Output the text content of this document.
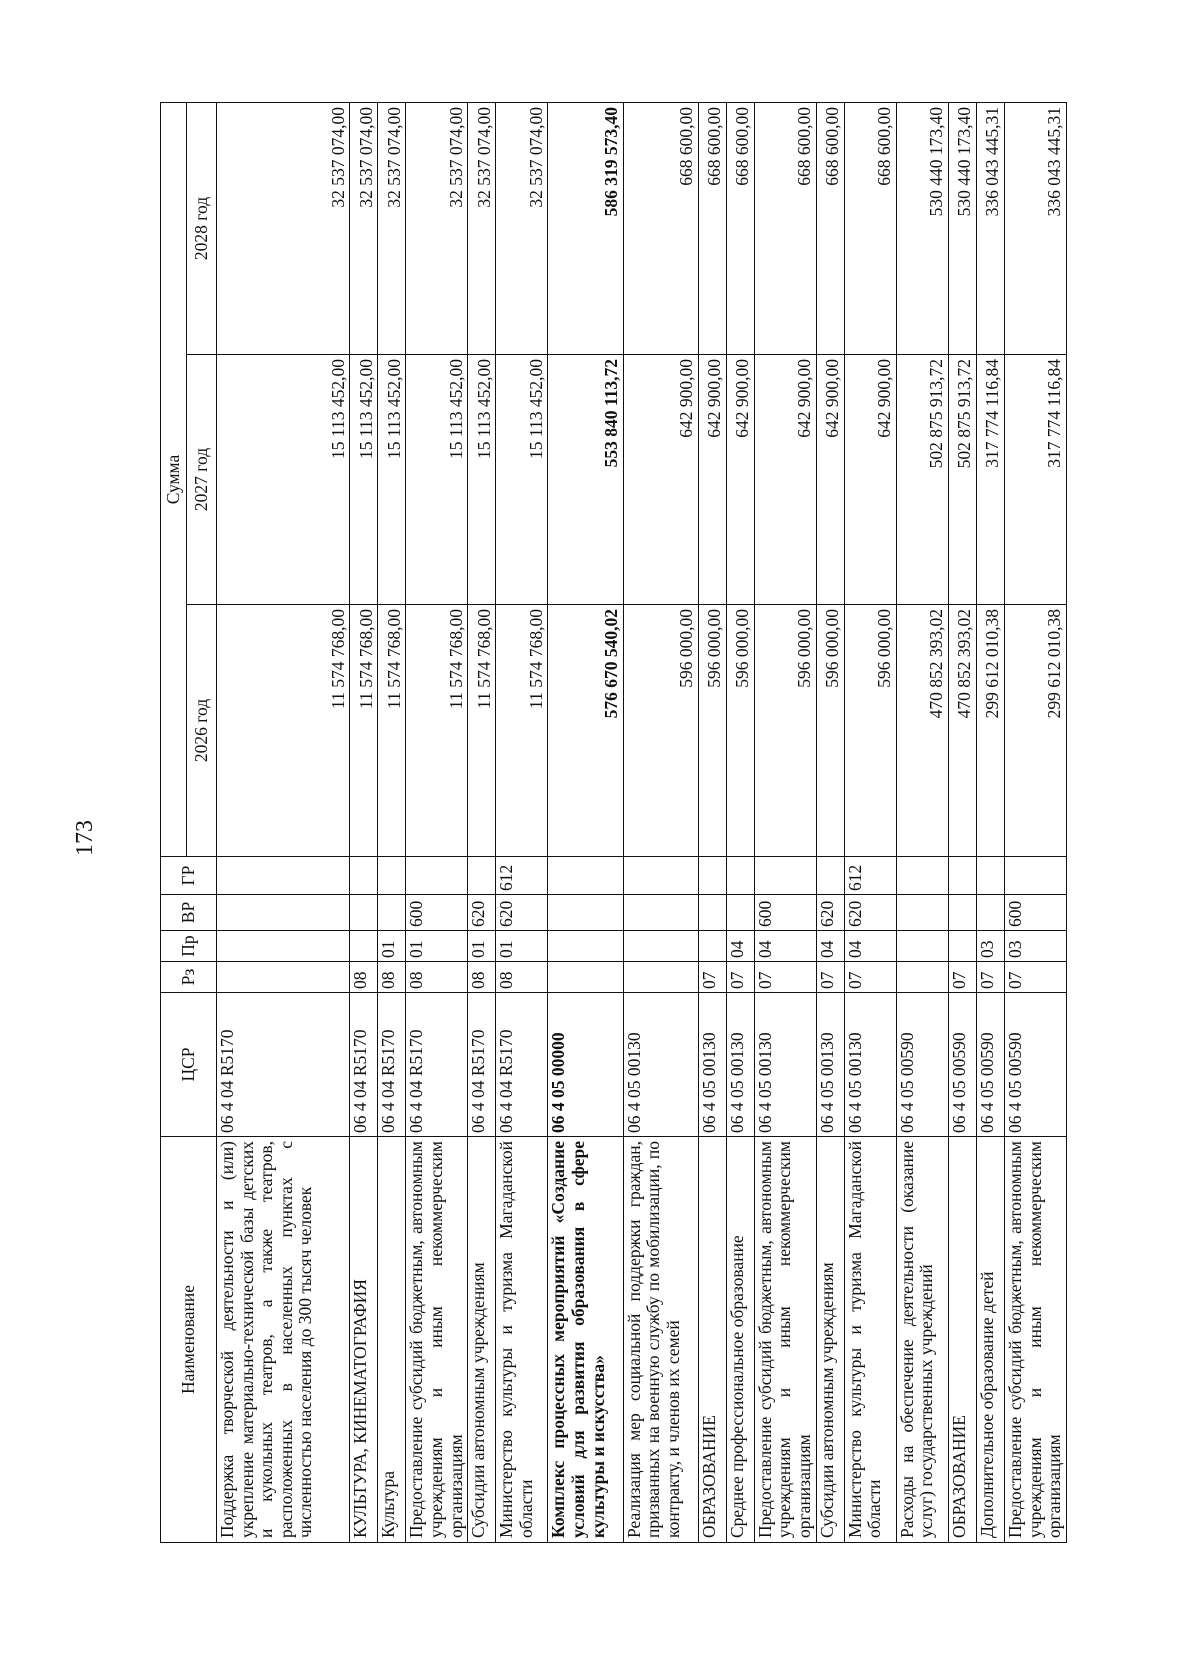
173
Наименование	ЦСР	Рз	Пр	ВР	ГР	Сумма		
						2026 год	2027 год	2028 год
Поддержка творческой деятельности и (или) укрепление материально-технической базы детских и кукольных театров, а также театров, расположенных в населенных пунктах с численностью населения до 300 тысяч человек	06 4 04 R5170					11 574 768,00	15 113 452,00	32 537 074,00
КУЛЬТУРА, КИНЕМАТОГРАФИЯ	06 4 04 R5170	08				11 574 768,00	15 113 452,00	32 537 074,00
Культура	06 4 04 R5170	08	01			11 574 768,00	15 113 452,00	32 537 074,00
Предоставление субсидий бюджетным, автономным учреждениям и иным некоммерческим организациям	06 4 04 R5170	08	01	600		11 574 768,00	15 113 452,00	32 537 074,00
Субсидии автономным учреждениям	06 4 04 R5170	08	01	620		11 574 768,00	15 113 452,00	32 537 074,00
Министерство культуры и туризма Магаданской области	06 4 04 R5170	08	01	620	612	11 574 768,00	15 113 452,00	32 537 074,00
Комплекс процессных мероприятий «Создание условий для развития образования в сфере культуры и искусства»	06 4 05 00000					576 670 540,02	553 840 113,72	586 319 573,40
Реализация мер социальной поддержки граждан, призванных на военную службу по мобилизации, по контракту, и членов их семей	06 4 05 00130					596 000,00	642 900,00	668 600,00
ОБРАЗОВАНИЕ	06 4 05 00130	07				596 000,00	642 900,00	668 600,00
Среднее профессиональное образование	06 4 05 00130	07	04			596 000,00	642 900,00	668 600,00
Предоставление субсидий бюджетным, автономным учреждениям и иным некоммерческим организациям	06 4 05 00130	07	04	600		596 000,00	642 900,00	668 600,00
Субсидии автономным учреждениям	06 4 05 00130	07	04	620		596 000,00	642 900,00	668 600,00
Министерство культуры и туризма Магаданской области	06 4 05 00130	07	04	620	612	596 000,00	642 900,00	668 600,00
Расходы на обеспечение деятельности (оказание услуг) государственных учреждений	06 4 05 00590					470 852 393,02	502 875 913,72	530 440 173,40
ОБРАЗОВАНИЕ	06 4 05 00590	07				470 852 393,02	502 875 913,72	530 440 173,40
Дополнительное образование детей	06 4 05 00590	07	03			299 612 010,38	317 774 116,84	336 043 445,31
Предоставление субсидий бюджетным, автономным учреждениям и иным некоммерческим организациям	06 4 05 00590	07	03	600		299 612 010,38	317 774 116,84	336 043 445,31
